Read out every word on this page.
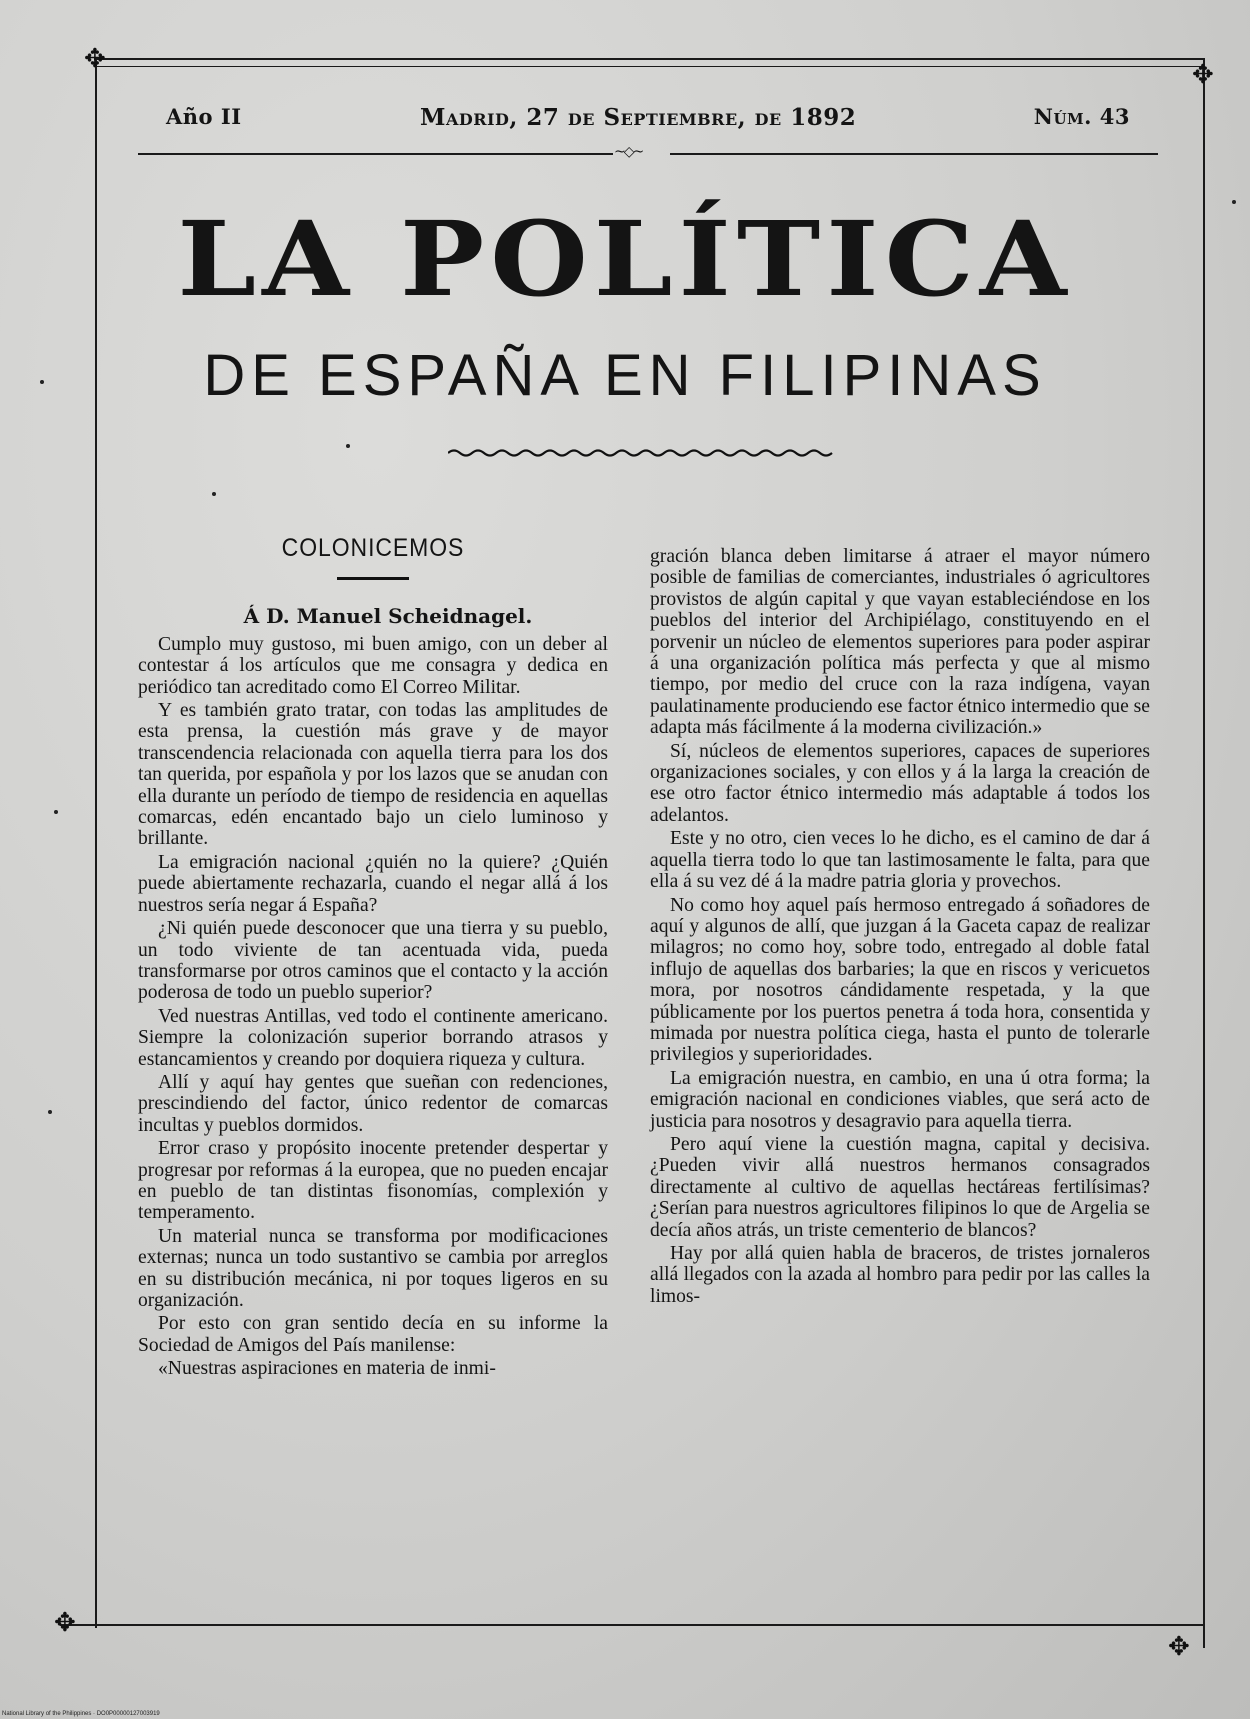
✥
✥
✥
✥
Año II	Madrid, 27 de Septiembre, de 1892	Núm. 43
~◇~
LA POLÍTICA
DE ESPAÑA EN FILIPINAS
COLONICEMOS
Á D. Manuel Scheidnagel.

Cumplo muy gustoso, mi buen amigo, con un deber al contestar á los artículos que me consagra y dedica en periódico tan acreditado como El Correo Militar.

Y es también grato tratar, con todas las amplitudes de esta prensa, la cuestión más grave y de mayor transcendencia relacionada con aquella tierra para los dos tan querida, por española y por los lazos que se anudan con ella durante un período de tiempo de residencia en aquellas comarcas, edén encantado bajo un cielo luminoso y brillante.

La emigración nacional ¿quién no la quiere? ¿Quién puede abiertamente rechazarla, cuando el negar allá á los nuestros sería negar á España?

¿Ni quién puede desconocer que una tierra y su pueblo, un todo viviente de tan acentuada vida, pueda transformarse por otros caminos que el contacto y la acción poderosa de todo un pueblo superior?

Ved nuestras Antillas, ved todo el continente americano. Siempre la colonización superior borrando atrasos y estancamientos y creando por doquiera riqueza y cultura.

Allí y aquí hay gentes que sueñan con redenciones, prescindiendo del factor, único redentor de comarcas incultas y pueblos dormidos.

Error craso y propósito inocente pretender despertar y progresar por reformas á la europea, que no pueden encajar en pueblo de tan distintas fisonomías, complexión y temperamento.

Un material nunca se transforma por modificaciones externas; nunca un todo sustantivo se cambia por arreglos en su distribución mecánica, ni por toques ligeros en su organización.

Por esto con gran sentido decía en su informe la Sociedad de Amigos del País manilense:

«Nuestras aspiraciones en materia de inmi-

gración blanca deben limitarse á atraer el mayor número posible de familias de comerciantes, industriales ó agricultores provistos de algún capital y que vayan estableciéndose en los pueblos del interior del Archipiélago, constituyendo en el porvenir un núcleo de elementos superiores para poder aspirar á una organización política más perfecta y que al mismo tiempo, por medio del cruce con la raza indígena, vayan paulatinamente produciendo ese factor étnico intermedio que se adapta más fácilmente á la moderna civilización.»

Sí, núcleos de elementos superiores, capaces de superiores organizaciones sociales, y con ellos y á la larga la creación de ese otro factor étnico intermedio más adaptable á todos los adelantos.

Este y no otro, cien veces lo he dicho, es el camino de dar á aquella tierra todo lo que tan lastimosamente le falta, para que ella á su vez dé á la madre patria gloria y provechos.

No como hoy aquel país hermoso entregado á soñadores de aquí y algunos de allí, que juzgan á la Gaceta capaz de realizar milagros; no como hoy, sobre todo, entregado al doble fatal influjo de aquellas dos barbaries; la que en riscos y vericuetos mora, por nosotros cándidamente respetada, y la que públicamente por los puertos penetra á toda hora, consentida y mimada por nuestra política ciega, hasta el punto de tolerarle privilegios y superioridades.

La emigración nuestra, en cambio, en una ú otra forma; la emigración nacional en condiciones viables, que será acto de justicia para nosotros y desagravio para aquella tierra.

Pero aquí viene la cuestión magna, capital y decisiva. ¿Pueden vivir allá nuestros hermanos consagrados directamente al cultivo de aquellas hectáreas fertilísimas? ¿Serían para nuestros agricultores filipinos lo que de Argelia se decía años atrás, un triste cementerio de blancos?

Hay por allá quien habla de braceros, de tristes jornaleros allá llegados con la azada al hombro para pedir por las calles la limos-

National Library of the Philippines · DO0P00000127003919
